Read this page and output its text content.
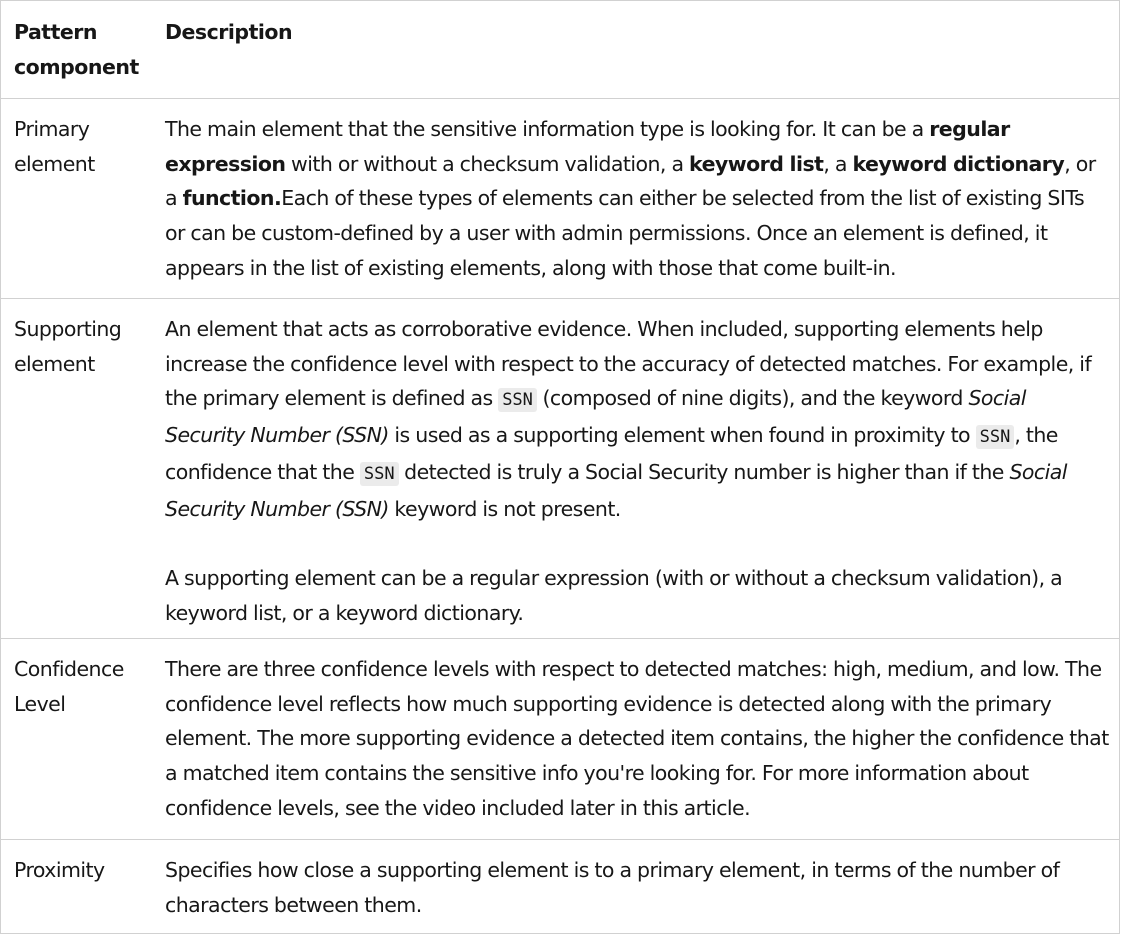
Pattern component
Description
Primary element
The main element that the sensitive information type is looking for. It can be a regular expression with or without a checksum validation, a keyword list, a keyword dictionary, or a function.Each of these types of elements can either be selected from the list of existing SITs or can be custom-defined by a user with admin permissions. Once an element is defined, it appears in the list of existing elements, along with those that come built-in.
Supporting element
An element that acts as corroborative evidence. When included, supporting elements help increase the confidence level with respect to the accuracy of detected matches. For example, if the primary element is defined as SSN (composed of nine digits), and the keyword Social Security Number (SSN) is used as a supporting element when found in proximity to SSN , the confidence that the SSN detected is truly a Social Security number is higher than if the Social Security Number (SSN) keyword is not present.
A supporting element can be a regular expression (with or without a checksum validation), a keyword list, or a keyword dictionary.
Confidence Level
There are three confidence levels with respect to detected matches: high, medium, and low. The confidence level reflects how much supporting evidence is detected along with the primary element. The more supporting evidence a detected item contains, the higher the confidence that a matched item contains the sensitive info you're looking for. For more information about confidence levels, see the video included later in this article.
Proximity	Specifies how close a supporting element is to a primary element, in terms of the number of characters between them.
